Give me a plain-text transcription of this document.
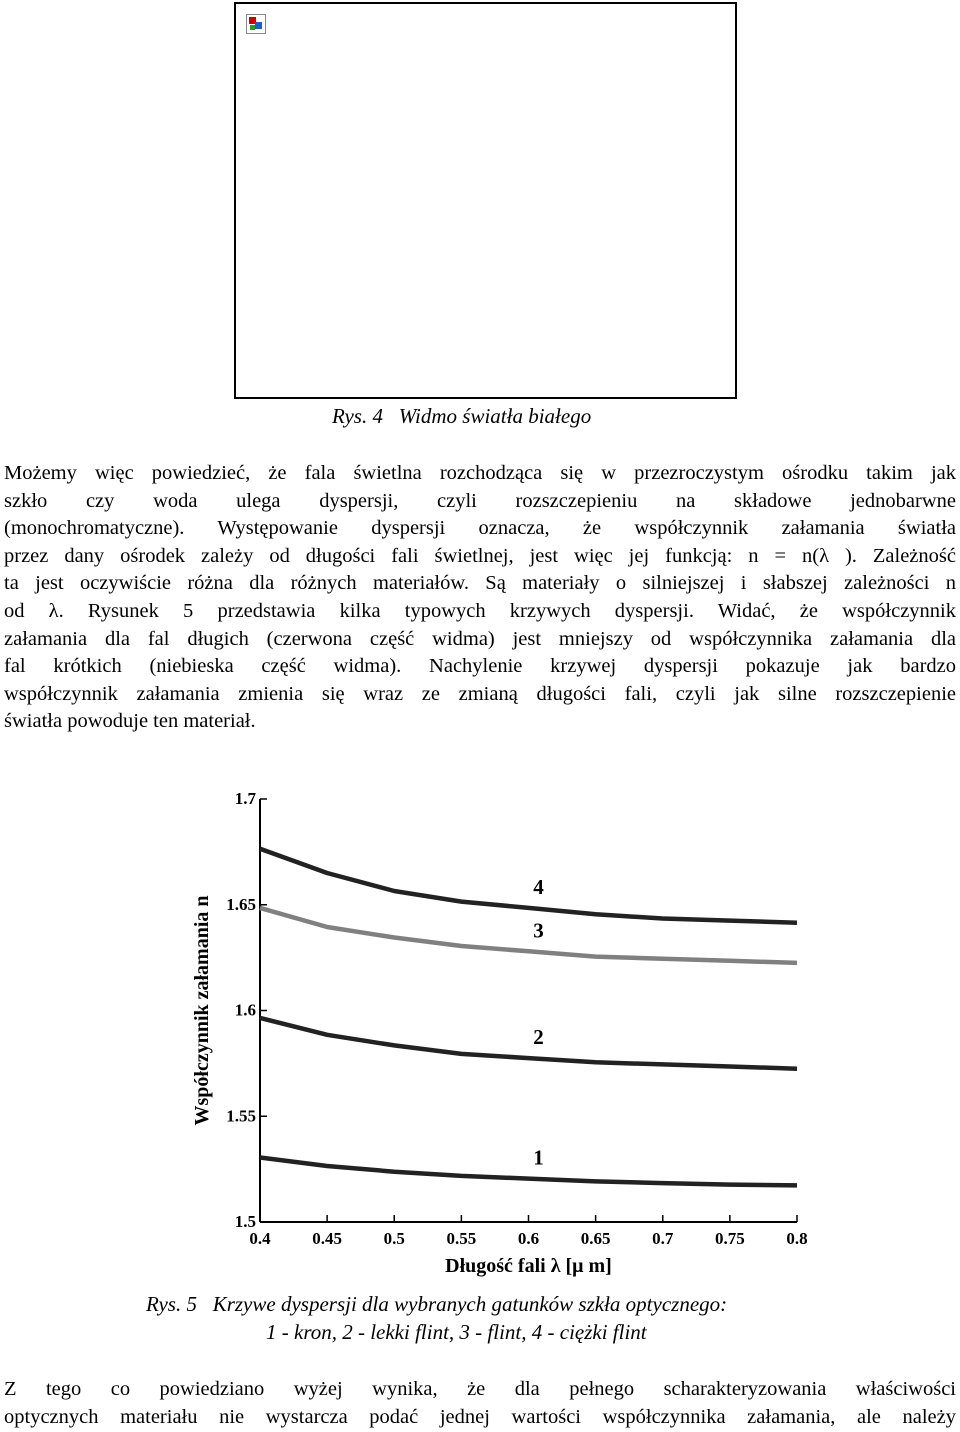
Rys. 4 Widmo światła białego
Możemy więc powiedzieć, że fala świetlna rozchodząca się w przezroczystym ośrodku takim jak
szkło czy woda ulega dyspersji, czyli rozszczepieniu na składowe jednobarwne
(monochromatyczne). Występowanie dyspersji oznacza, że współczynnik załamania światła
przez dany ośrodek zależy od długości fali świetlnej, jest więc jej funkcją: n = n(λ ). Zależność
ta jest oczywiście różna dla różnych materiałów. Są materiały o silniejszej i słabszej zależności n
od λ. Rysunek 5 przedstawia kilka typowych krzywych dyspersji. Widać, że współczynnik
załamania dla fal długich (czerwona część widma) jest mniejszy od współczynnika załamania dla
fal krótkich (niebieska część widma). Nachylenie krzywej dyspersji pokazuje jak bardzo
współczynnik załamania zmienia się wraz ze zmianą długości fali, czyli jak silne rozszczepienie
światła powoduje ten materiał.
1.5
1.55
1.6
1.65
1.7
0.4 0.45 0.5 0.55 0.6 0.65 0.7 0.75 0.8
Współczynnik załamania n
Długość fali λ [μ m]
1
2
3
4
Rys. 5 Krzywe dyspersji dla wybranych gatunków szkła optycznego:
1 - kron, 2 - lekki flint, 3 - flint, 4 - ciężki flint
Z tego co powiedziano wyżej wynika, że dla pełnego scharakteryzowania właściwości
optycznych materiału nie wystarcza podać jednej wartości współczynnika załamania, ale należy
